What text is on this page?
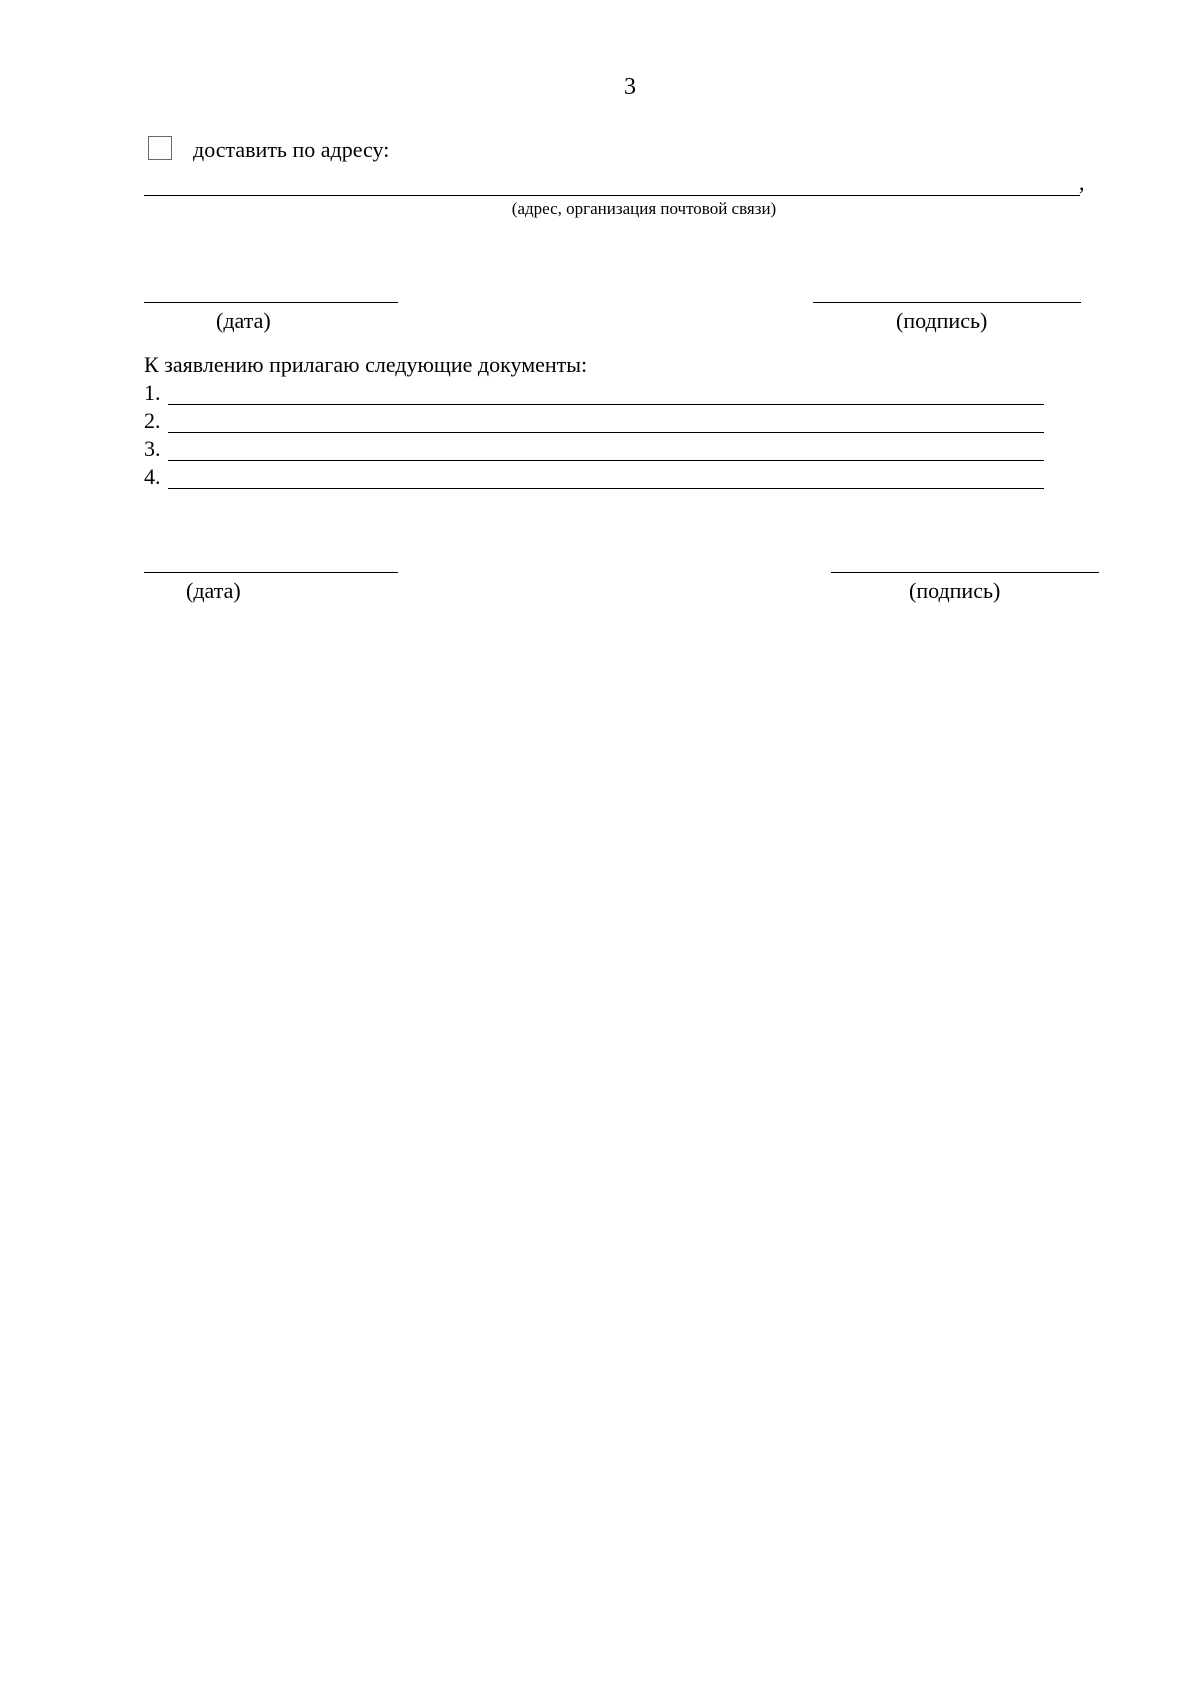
3
доставить по адресу:
,
(адрес, организация почтовой связи)
(дата)	(подпись)
К заявлению прилагаю следующие документы:
1.
2.
3.
4.
(дата)	(подпись)
